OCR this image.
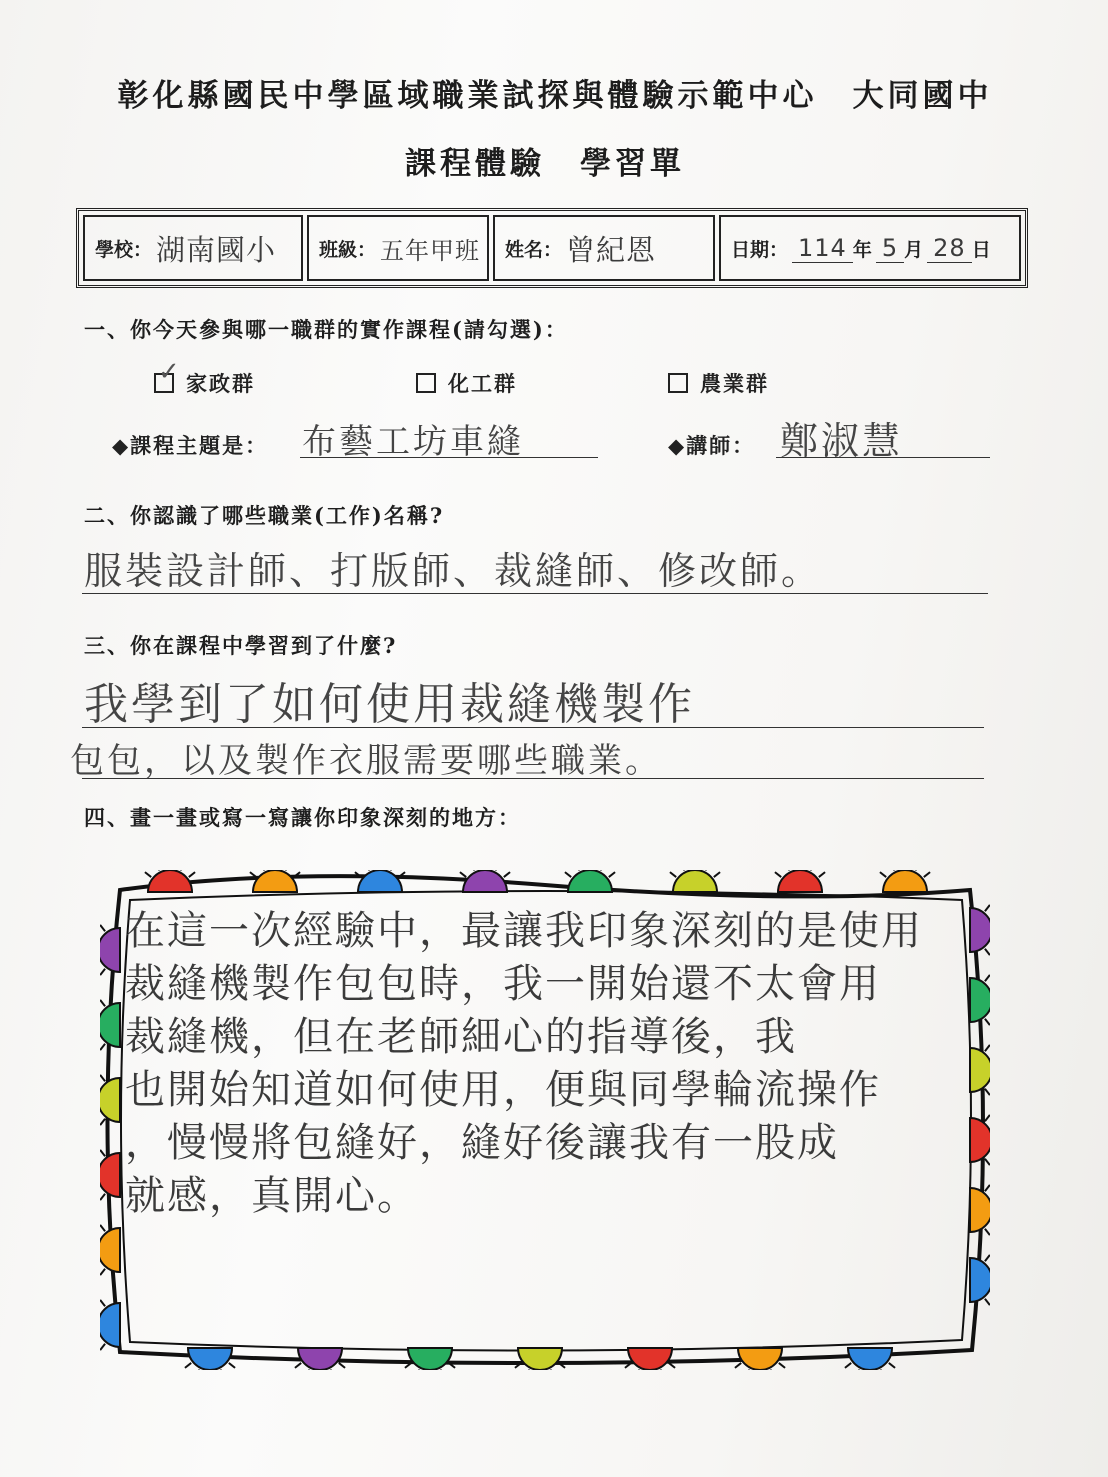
彰化縣國民中學區域職業試探與體驗示範中心　大同國中
課程體驗　學習單
學校： 湖南國小 班級： 五年甲班 姓名： 曾紀恩	日期： 114 年 5 月 28 日
一、你今天參與哪一職群的實作課程(請勾選)：
✓ 家政群	化工群	農業群
◆課程主題是： 布藝工坊車縫	◆講師： 鄭淑慧
二、你認識了哪些職業(工作)名稱?
服裝設計師、打版師、裁縫師、修改師。
三、你在課程中學習到了什麼?
我學到了如何使用裁縫機製作
包包，以及製作衣服需要哪些職業。
四、畫一畫或寫一寫讓你印象深刻的地方：
在這一次經驗中，最讓我印象深刻的是使用
裁縫機製作包包時，我一開始還不太會用
裁縫機，但在老師細心的指導後，我
也開始知道如何使用，便與同學輪流操作
，慢慢將包縫好，縫好後讓我有一股成
就感，真開心。
